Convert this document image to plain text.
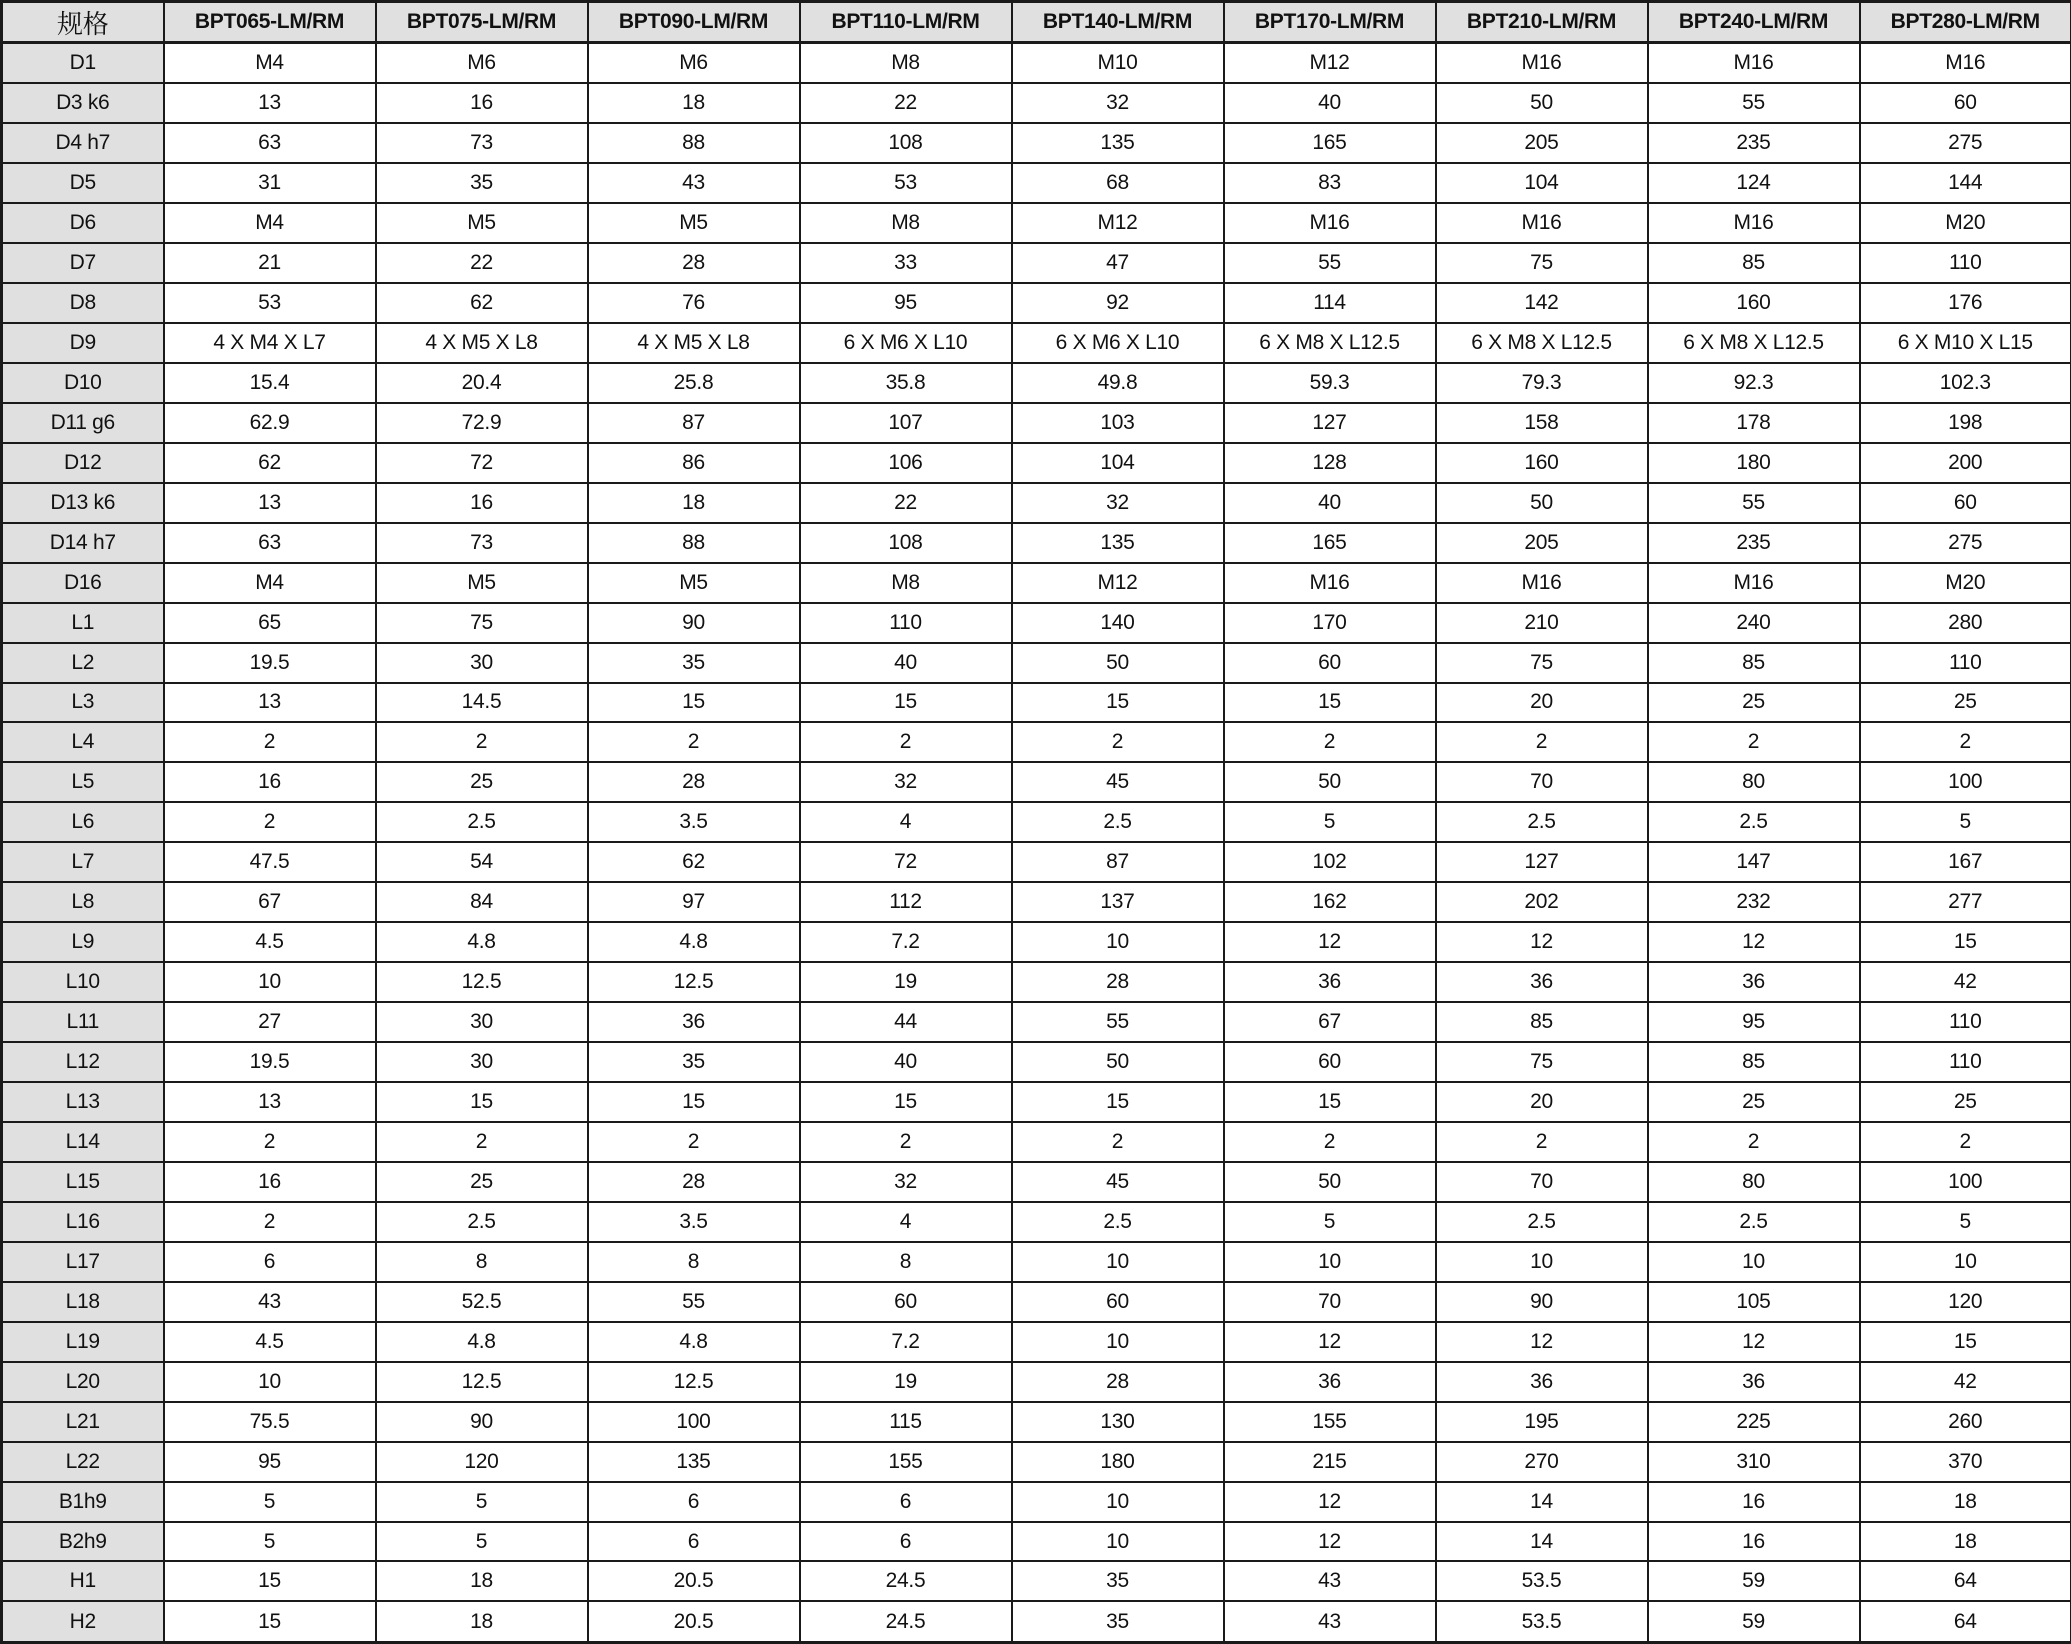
规格	BPT065-LM/RM	BPT075-LM/RM	BPT090-LM/RM	BPT110-LM/RM	BPT140-LM/RM	BPT170-LM/RM	BPT210-LM/RM	BPT240-LM/RM	BPT280-LM/RM
D1	M4	M6	M6	M8	M10	M12	M16	M16	M16
D3 k6	13	16	18	22	32	40	50	55	60
D4 h7	63	73	88	108	135	165	205	235	275
D5	31	35	43	53	68	83	104	124	144
D6	M4	M5	M5	M8	M12	M16	M16	M16	M20
D7	21	22	28	33	47	55	75	85	110
D8	53	62	76	95	92	114	142	160	176
D9	4 X M4 X L7	4 X M5 X L8	4 X M5 X L8	6 X M6 X L10	6 X M6 X L10	6 X M8 X L12.5	6 X M8 X L12.5	6 X M8 X L12.5	6 X M10 X L15
D10	15.4	20.4	25.8	35.8	49.8	59.3	79.3	92.3	102.3
D11 g6	62.9	72.9	87	107	103	127	158	178	198
D12	62	72	86	106	104	128	160	180	200
D13 k6	13	16	18	22	32	40	50	55	60
D14 h7	63	73	88	108	135	165	205	235	275
D16	M4	M5	M5	M8	M12	M16	M16	M16	M20
L1	65	75	90	110	140	170	210	240	280
L2	19.5	30	35	40	50	60	75	85	110
L3	13	14.5	15	15	15	15	20	25	25
L4	2	2	2	2	2	2	2	2	2
L5	16	25	28	32	45	50	70	80	100
L6	2	2.5	3.5	4	2.5	5	2.5	2.5	5
L7	47.5	54	62	72	87	102	127	147	167
L8	67	84	97	112	137	162	202	232	277
L9	4.5	4.8	4.8	7.2	10	12	12	12	15
L10	10	12.5	12.5	19	28	36	36	36	42
L11	27	30	36	44	55	67	85	95	110
L12	19.5	30	35	40	50	60	75	85	110
L13	13	15	15	15	15	15	20	25	25
L14	2	2	2	2	2	2	2	2	2
L15	16	25	28	32	45	50	70	80	100
L16	2	2.5	3.5	4	2.5	5	2.5	2.5	5
L17	6	8	8	8	10	10	10	10	10
L18	43	52.5	55	60	60	70	90	105	120
L19	4.5	4.8	4.8	7.2	10	12	12	12	15
L20	10	12.5	12.5	19	28	36	36	36	42
L21	75.5	90	100	115	130	155	195	225	260
L22	95	120	135	155	180	215	270	310	370
B1h9	5	5	6	6	10	12	14	16	18
B2h9	5	5	6	6	10	12	14	16	18
H1	15	18	20.5	24.5	35	43	53.5	59	64
H2	15	18	20.5	24.5	35	43	53.5	59	64
